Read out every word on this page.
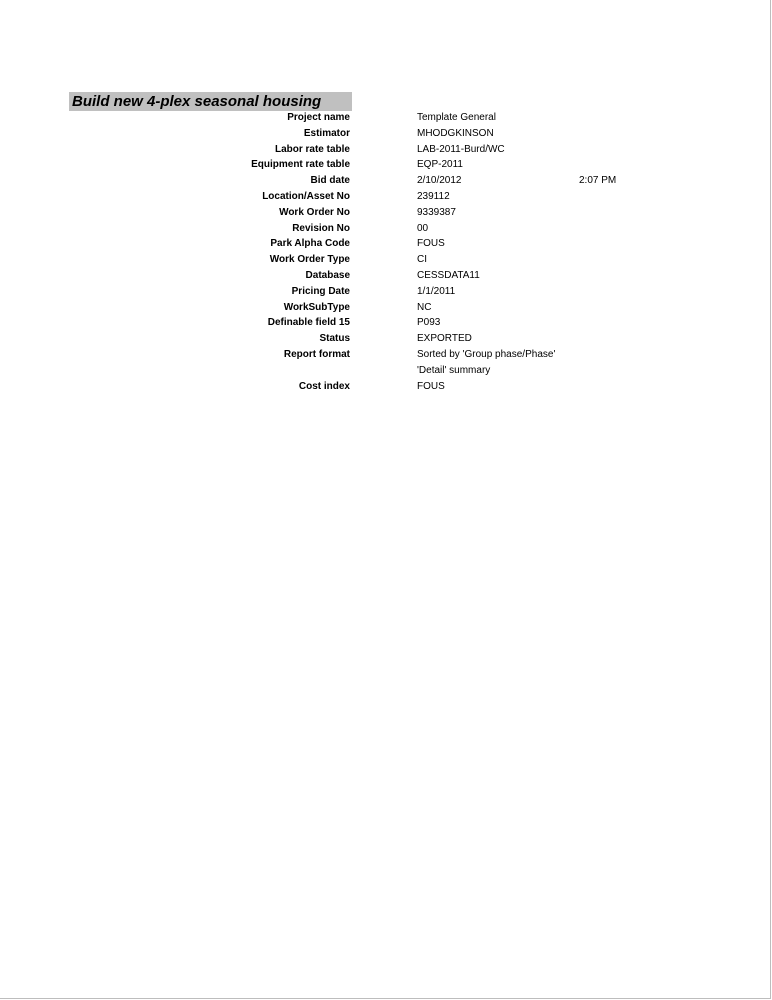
Build new 4-plex seasonal housing
Project name	Template General
Estimator	MHODGKINSON
Labor rate table	LAB-2011-Burd/WC
Equipment rate table	EQP-2011
Bid date	2/10/2012	2:07 PM
Location/Asset No	239112
Work Order No	9339387
Revision No	00
Park Alpha Code	FOUS
Work Order Type	CI
Database	CESSDATA11
Pricing Date	1/1/2011
WorkSubType	NC
Definable field 15	P093
Status	EXPORTED
Report format	Sorted by 'Group phase/Phase'
'Detail' summary
Cost index	FOUS
